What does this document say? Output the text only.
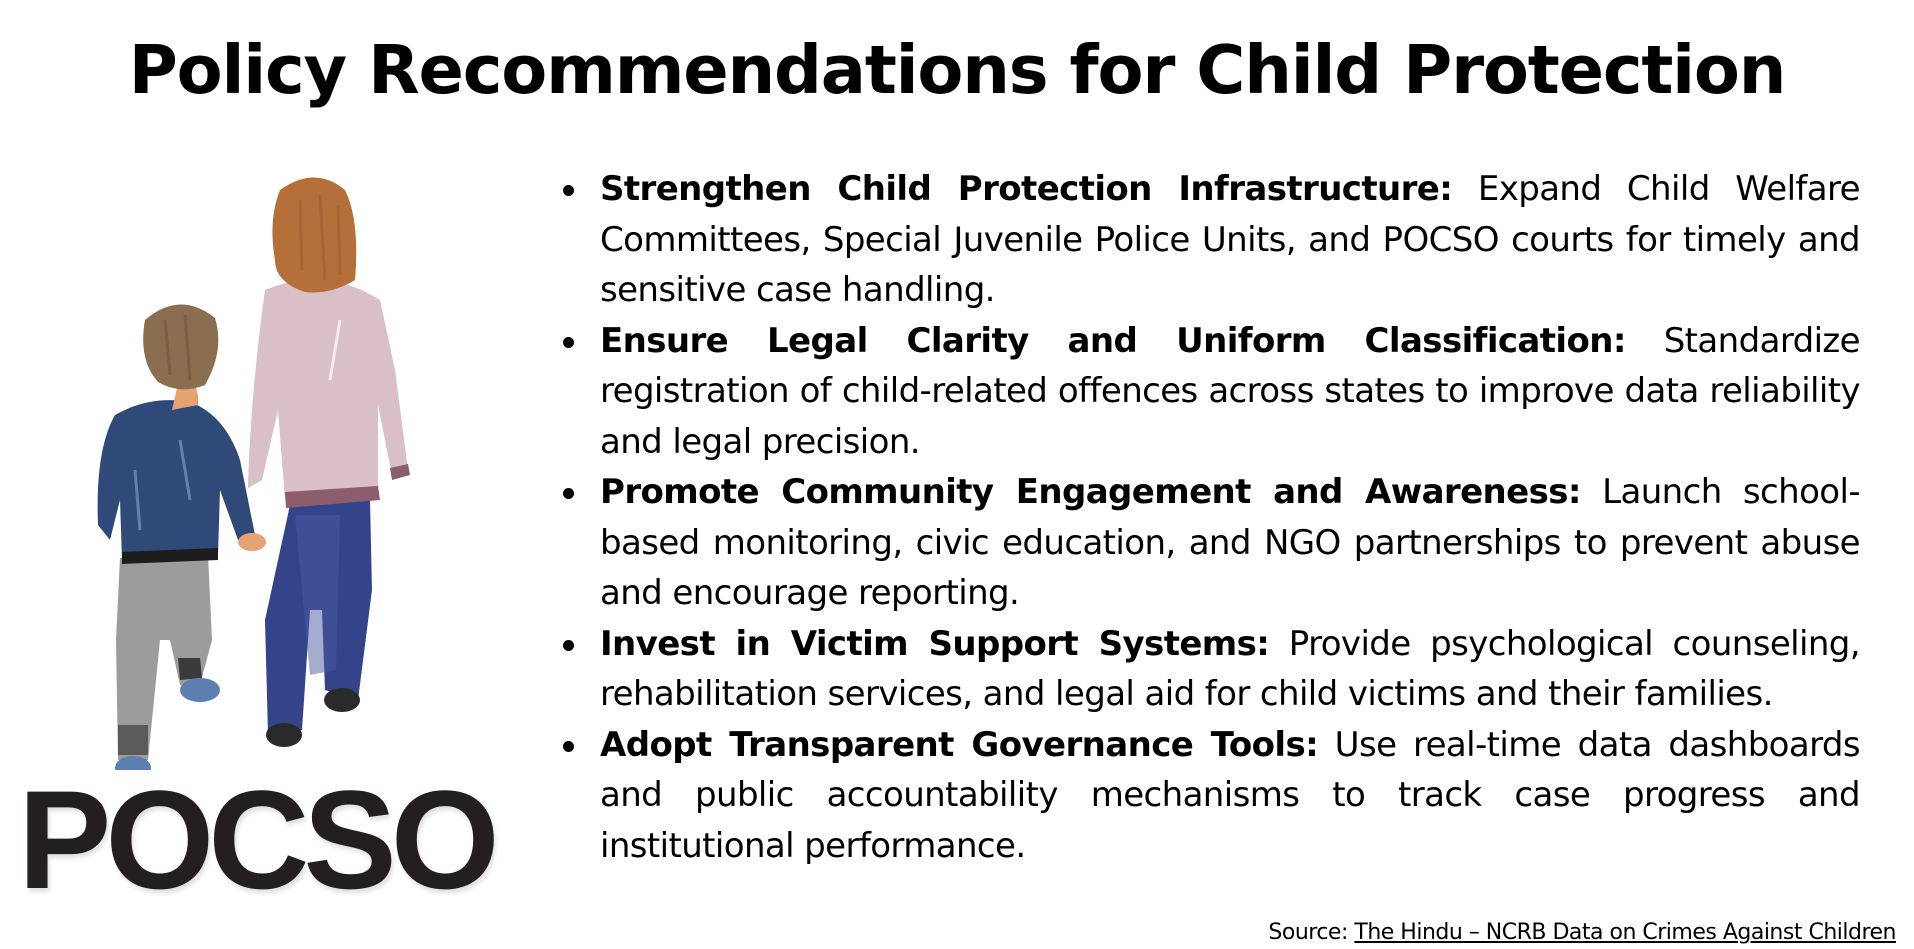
Policy Recommendations for Child Protection
POCSO
Strengthen Child Protection Infrastructure: Expand Child Welfare Committees, Special Juvenile Police Units, and POCSO courts for timely and sensitive case handling.
Ensure Legal Clarity and Uniform Classification: Standardize registration of child-related offences across states to improve data reliability and legal precision.
Promote Community Engagement and Awareness: Launch school-based monitoring, civic education, and NGO partnerships to prevent abuse and encourage reporting.
Invest in Victim Support Systems: Provide psychological counseling, rehabilitation services, and legal aid for child victims and their families.
Adopt Transparent Governance Tools: Use real-time data dashboards and public accountability mechanisms to track case progress and institutional performance.
Source: The Hindu – NCRB Data on Crimes Against Children
